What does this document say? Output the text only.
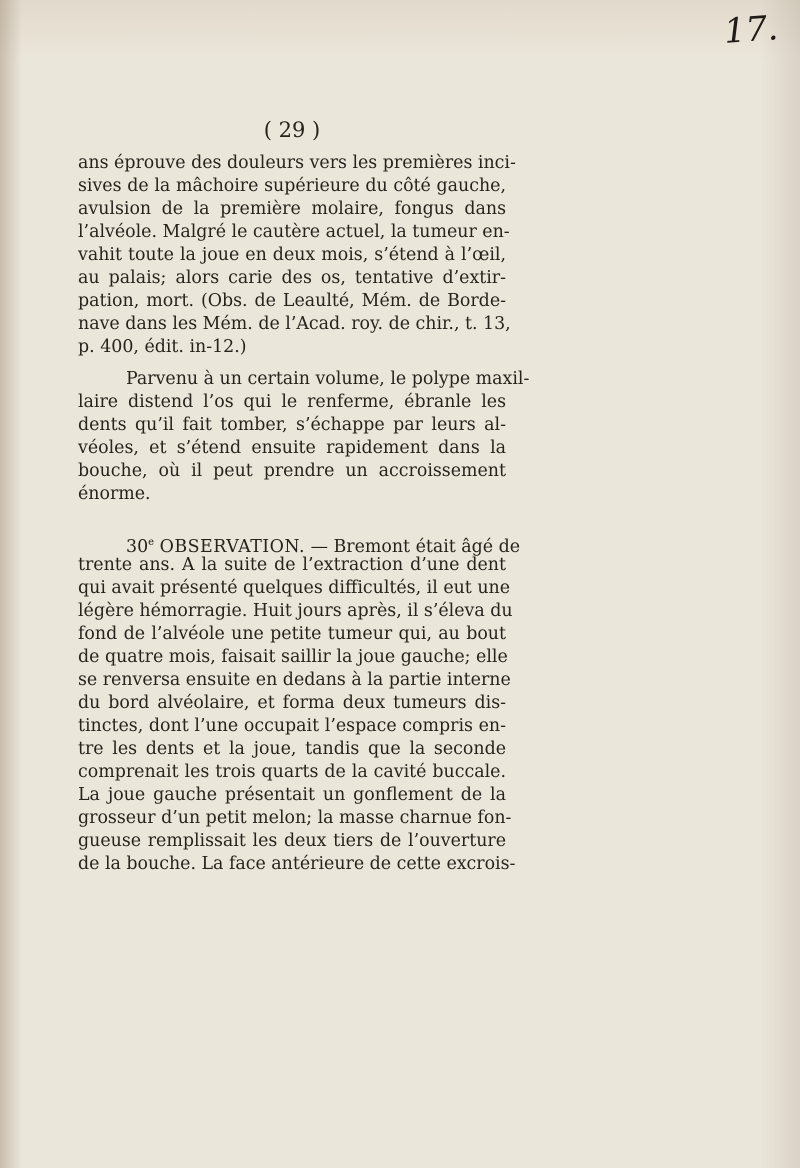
17.
( 29 )
ans éprouve des douleurs vers les premières inci-
sives de la mâchoire supérieure du côté gauche,
avulsion de la première molaire, fongus dans
l’alvéole. Malgré le cautère actuel, la tumeur en-
vahit toute la joue en deux mois, s’étend à l’œil,
au palais; alors carie des os, tentative d’extir-
pation, mort. (Obs. de Leaulté, Mém. de Borde-
nave dans les Mém. de l’Acad. roy. de chir., t. 13,
p. 400, édit. in-12.)
Parvenu à un certain volume, le polype maxil-
laire distend l’os qui le renferme, ébranle les
dents qu’il fait tomber, s’échappe par leurs al-
véoles, et s’étend ensuite rapidement dans la
bouche, où il peut prendre un accroissement
énorme.
30e OBSERVATION. — Bremont était âgé de
trente ans. A la suite de l’extraction d’une dent
qui avait présenté quelques difficultés, il eut une
légère hémorragie. Huit jours après, il s’éleva du
fond de l’alvéole une petite tumeur qui, au bout
de quatre mois, faisait saillir la joue gauche; elle
se renversa ensuite en dedans à la partie interne
du bord alvéolaire, et forma deux tumeurs dis-
tinctes, dont l’une occupait l’espace compris en-
tre les dents et la joue, tandis que la seconde
comprenait les trois quarts de la cavité buccale.
La joue gauche présentait un gonflement de la
grosseur d’un petit melon; la masse charnue fon-
gueuse remplissait les deux tiers de l’ouverture
de la bouche. La face antérieure de cette excrois-
